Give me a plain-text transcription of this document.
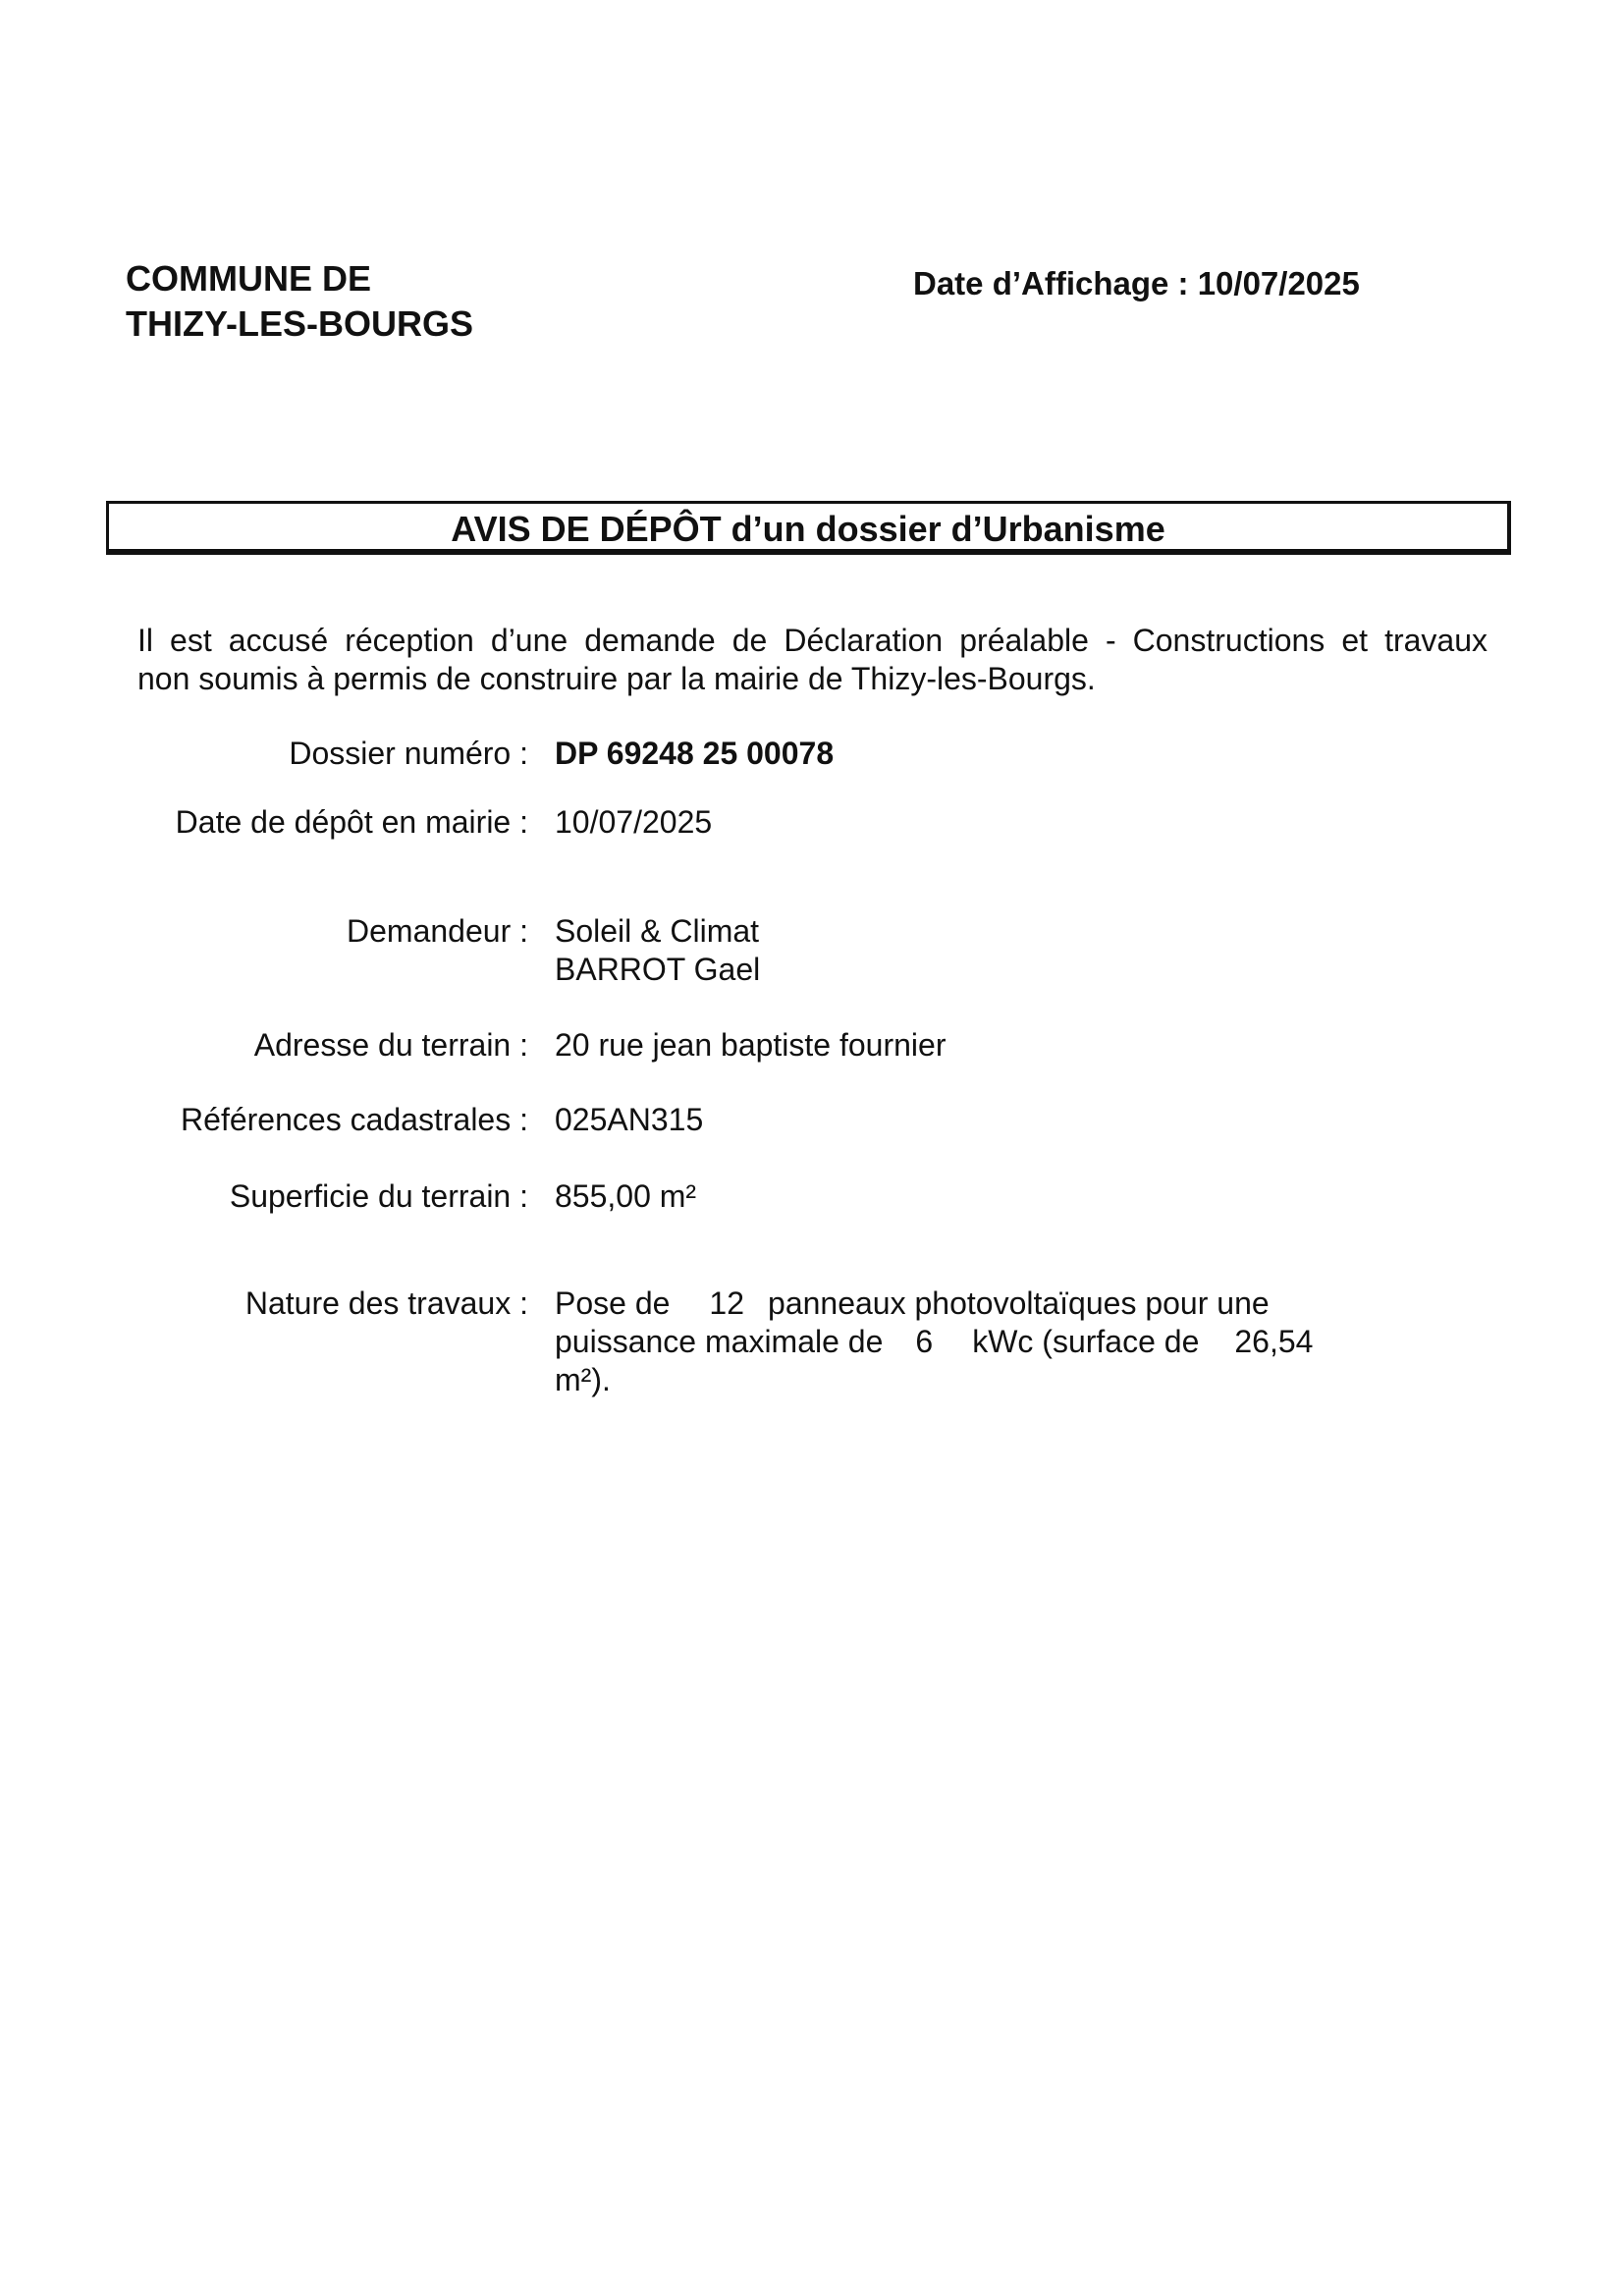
COMMUNE DE
THIZY-LES-BOURGS
Date d’Affichage : 10/07/2025
AVIS DE DÉPÔT d’un dossier d’Urbanisme
Il est accusé réception d’une demande de Déclaration préalable - Constructions et travaux
non soumis à permis de construire par la mairie de Thizy-les-Bourgs.
Dossier numéro : DP 69248 25 00078
Date de dépôt en mairie : 10/07/2025
Demandeur : Soleil & Climat
BARROT Gael
Adresse du terrain : 20 rue jean baptiste fournier
Références cadastrales : 025AN315
Superficie du terrain : 855,00 m²
Nature des travaux : Pose de 12 panneaux photovoltaïques pour une
puissance maximale de 6 kWc (surface de 26,54
m²).
